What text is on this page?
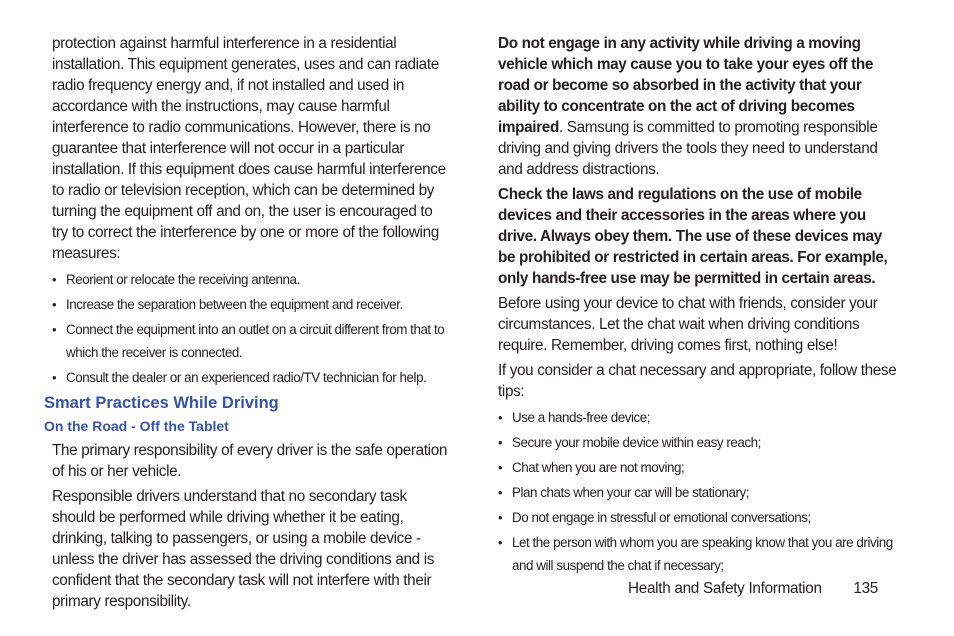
protection against harmful interference in a residential installation. This equipment generates, uses and can radiate radio frequency energy and, if not installed and used in accordance with the instructions, may cause harmful interference to radio communications. However, there is no guarantee that interference will not occur in a particular installation. If this equipment does cause harmful interference to radio or television reception, which can be determined by turning the equipment off and on, the user is encouraged to try to correct the interference by one or more of the following measures:

• Reorient or relocate the receiving antenna.
• Increase the separation between the equipment and receiver.
• Connect the equipment into an outlet on a circuit different from that to which the receiver is connected.
• Consult the dealer or an experienced radio/TV technician for help.
Smart Practices While Driving
On the Road - Off the Tablet

The primary responsibility of every driver is the safe operation of his or her vehicle.

Responsible drivers understand that no secondary task should be performed while driving whether it be eating, drinking, talking to passengers, or using a mobile device - unless the driver has assessed the driving conditions and is confident that the secondary task will not interfere with their primary responsibility.

Do not engage in any activity while driving a moving vehicle which may cause you to take your eyes off the road or become so absorbed in the activity that your ability to concentrate on the act of driving becomes impaired. Samsung is committed to promoting responsible driving and giving drivers the tools they need to understand and address distractions.

Check the laws and regulations on the use of mobile devices and their accessories in the areas where you drive. Always obey them. The use of these devices may be prohibited or restricted in certain areas. For example, only hands-free use may be permitted in certain areas.

Before using your device to chat with friends, consider your circumstances. Let the chat wait when driving conditions require. Remember, driving comes first, nothing else!

If you consider a chat necessary and appropriate, follow these tips:

• Use a hands-free device;
• Secure your mobile device within easy reach;
• Chat when you are not moving;
• Plan chats when your car will be stationary;
• Do not engage in stressful or emotional conversations;
• Let the person with whom you are speaking know that you are driving and will suspend the chat if necessary;
Health and Safety Information 135
